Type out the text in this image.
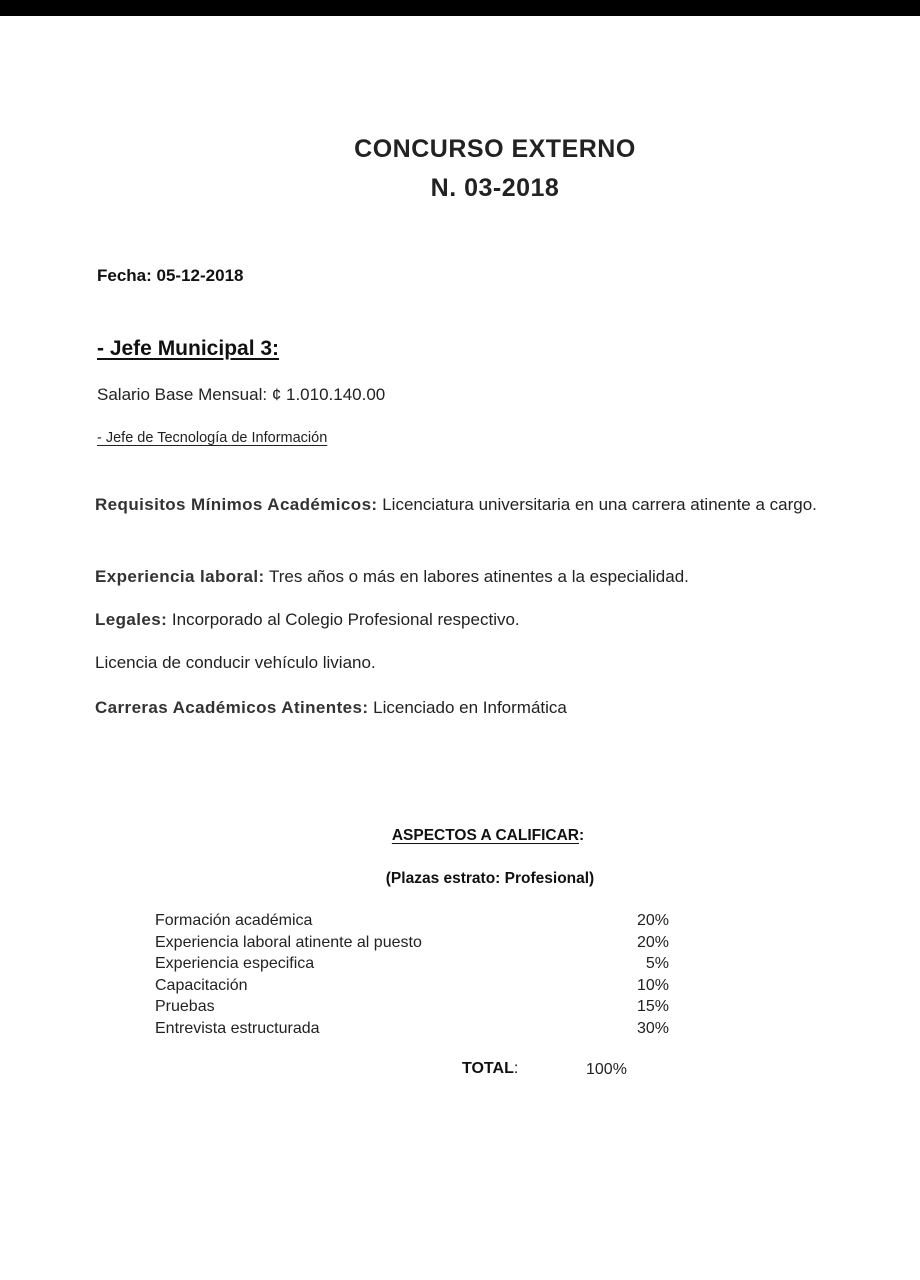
CONCURSO EXTERNO
N. 03-2018
Fecha: 05-12-2018
- Jefe Municipal 3:
Salario Base Mensual: ¢ 1.010.140.00
- Jefe de Tecnología de Información
Requisitos Mínimos Académicos: Licenciatura universitaria en una carrera atinente a cargo.
Experiencia laboral: Tres años o más en labores atinentes a la especialidad.
Legales: Incorporado al Colegio Profesional respectivo.
Licencia de conducir vehículo liviano.
Carreras Académicos Atinentes: Licenciado en Informática
ASPECTOS A CALIFICAR:
(Plazas estrato: Profesional)
Formación académica	20%
Experiencia laboral atinente al puesto	20%
Experiencia especifica	5%
Capacitación	10%
Pruebas	15%
Entrevista estructurada	30%
TOTAL:	100%
